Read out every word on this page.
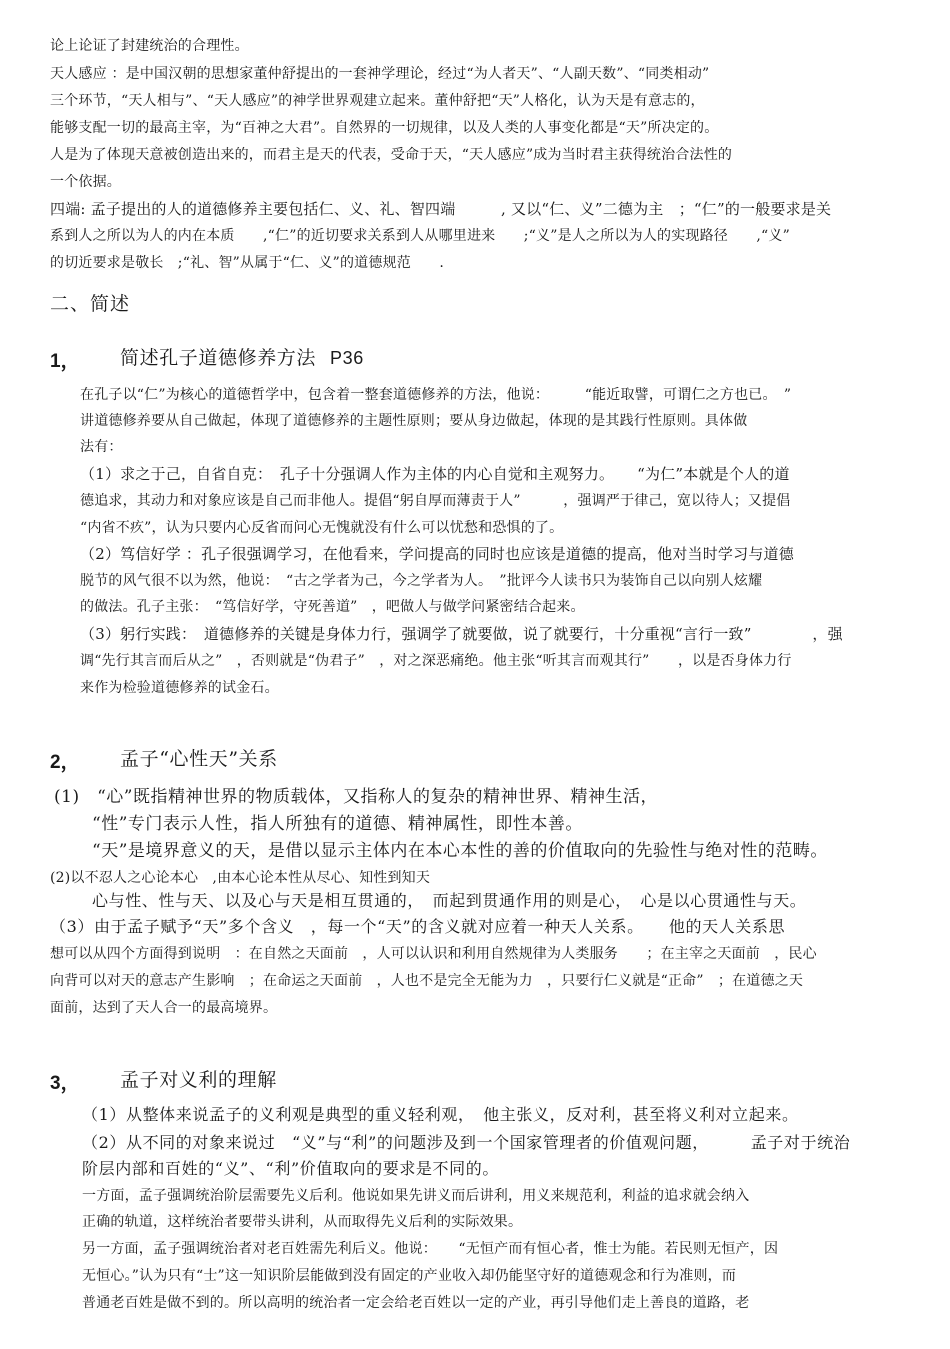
论上论证了封建统治的合理性。
天人感应 ：是中国汉朝的思想家董仲舒提出的一套神学理论，经过“为人者天”、“人副天数”、“同类相动”
三个环节，“天人相与”、“天人感应”的神学世界观建立起来。董仲舒把“天”人格化，认为天是有意志的，
能够支配一切的最高主宰，为“百神之大君”。自然界的一切规律，以及人类的人事变化都是“天”所决定的。
人是为了体现天意被创造出来的，而君主是天的代表，受命于天，“天人感应”成为当时君主获得统治合法性的
一个依据。
四端: 孟子提出的人的道德修养主要包括仁、义、礼、智四端　　　, 又以“仁、义”二德为主　；“仁”的一般要求是关
系到人之所以为人的内在本质　　,“仁”的近切要求关系到人从哪里进来　　;“义”是人之所以为人的实现路径　　,“义”
的切近要求是敬长　;“礼、智”从属于“仁、义”的道德规范　　.
二、简述
1， 简述孔子道德修养方法 P36
在孔子以“仁”为核心的道德哲学中，包含着一整套道德修养的方法，他说：　　　“能近取譬，可谓仁之方也已。　”
讲道德修养要从自己做起，体现了道德修养的主题性原则；要从身边做起，体现的是其践行性原则。具体做
法有：
（1）求之于己，自省自克：　孔子十分强调人作为主体的内心自觉和主观努力。　　“为仁”本就是个人的道
德追求，其动力和对象应该是自己而非他人。提倡“躬自厚而薄责于人”　　　，强调严于律己，宽以待人；又提倡
“内省不疚”，认为只要内心反省而问心无愧就没有什么可以忧愁和恐惧的了。
（2）笃信好学 ：孔子很强调学习，在他看来，学问提高的同时也应该是道德的提高，他对当时学习与道德
脱节的风气很不以为然，他说：　“古之学者为己，今之学者为人。　”批评今人读书只为装饰自己以向别人炫耀
的做法。孔子主张：　“笃信好学，守死善道”　，吧做人与做学问紧密结合起来。
（3）躬行实践：　道德修养的关键是身体力行，强调学了就要做，说了就要行，十分重视“言行一致”　　　　，强
调“先行其言而后从之”　，否则就是“伪君子”　，对之深恶痛绝。他主张“听其言而观其行”　　，以是否身体力行
来作为检验道德修养的试金石。
2， 孟子“心性天”关系
(1)　“心”既指精神世界的物质载体，又指称人的复杂的精神世界、精神生活，
“性”专门表示人性，指人所独有的道德、精神属性，即性本善。
“天”是境界意义的天，是借以显示主体内在本心本性的善的价值取向的先验性与绝对性的范畴。
(2)以不忍人之心论本心　,由本心论本性从尽心、知性到知天
心与性、性与天、以及心与天是相互贯通的，　而起到贯通作用的则是心，　心是以心贯通性与天。
（3）由于孟子赋予“天”多个含义　，每一个“天”的含义就对应着一种天人关系。　　他的天人关系思
想可以从四个方面得到说明　：在自然之天面前　，人可以认识和利用自然规律为人类服务　　；在主宰之天面前　，民心
向背可以对天的意志产生影响　；在命运之天面前　，人也不是完全无能为力　，只要行仁义就是“正命”　；在道德之天
面前，达到了天人合一的最高境界。
3， 孟子对义利的理解
（1）从整体来说孟子的义利观是典型的重义轻利观，　他主张义，反对利，甚至将义利对立起来。
（2）从不同的对象来说过　“义”与“利”的问题涉及到一个国家管理者的价值观问题，　　　孟子对于统治
阶层内部和百姓的“义”、“利”价值取向的要求是不同的。
一方面，孟子强调统治阶层需要先义后利。他说如果先讲义而后讲利，用义来规范利，利益的追求就会纳入
正确的轨道，这样统治者要带头讲利，从而取得先义后利的实际效果。
另一方面，孟子强调统治者对老百姓需先利后义。他说：　　“无恒产而有恒心者，惟士为能。若民则无恒产，因
无恒心。”认为只有“士”这一知识阶层能做到没有固定的产业收入却仍能坚守好的道德观念和行为准则，而
普通老百姓是做不到的。所以高明的统治者一定会给老百姓以一定的产业，再引导他们走上善良的道路，老
